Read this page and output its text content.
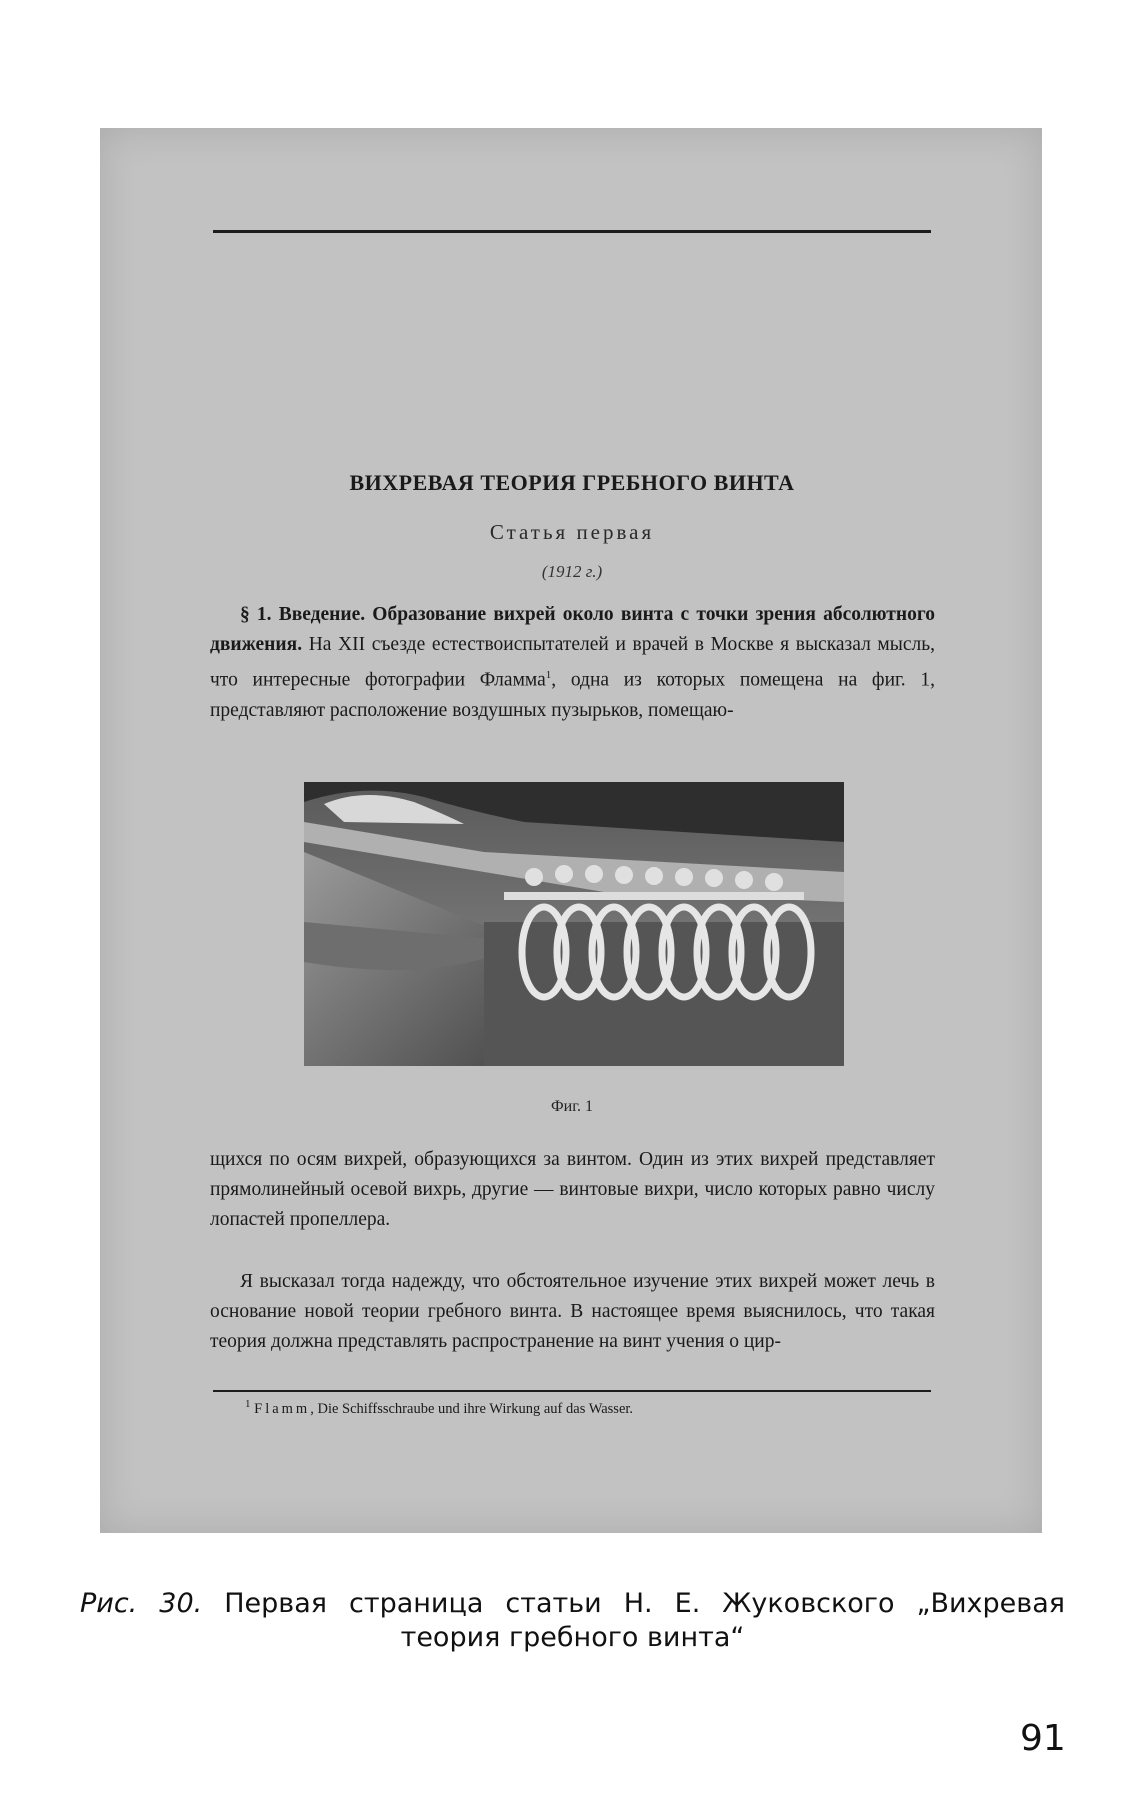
ВИХРЕВАЯ ТЕОРИЯ ГРЕБНОГО ВИНТА
Статья первая
(1912 г.)

§ 1. Введение. Образование вихрей около винта с точки зрения абсолютного движения. На XII съезде естествоиспытателей и врачей в Москве я высказал мысль, что интересные фотографии Фламма$^1$, одна из которых помещена на фиг. 1, представляют расположение воздушных пузырьков, помещаю-

Фиг. 1

щихся по осям вихрей, образующихся за винтом. Один из этих вихрей представляет прямолинейный осевой вихрь, другие — винтовые вихри, число которых равно числу лопастей пропеллера.

Я высказал тогда надежду, что обстоятельное изучение этих вихрей может лечь в основание новой теории гребного винта. В настоящее время выяснилось, что такая теория должна представлять распространение на винт учения о цир-

$^1$ Flamm, Die Schiffsschraube und ihre Wirkung auf das Wasser.
Рис. 30. Первая страница статьи Н. Е. Жуковского „Вихревая
теория гребного винта“
91
